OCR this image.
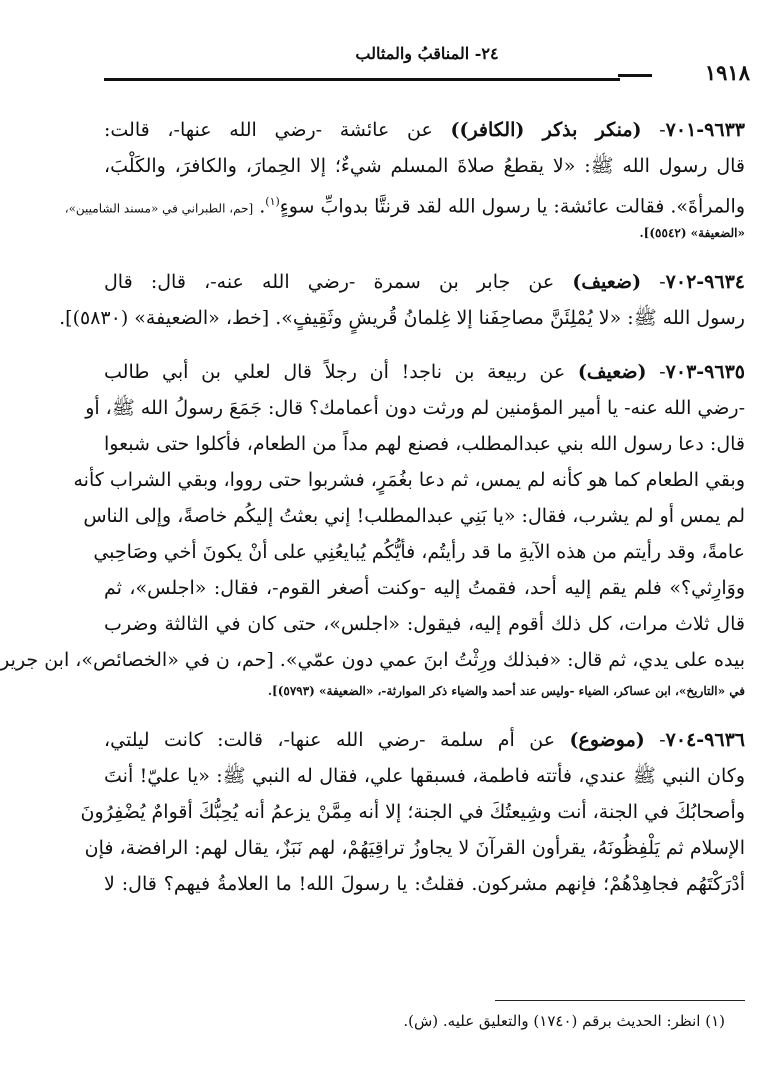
٢٤- المناقبُ والمثالب
١٩١٨
٩٦٣٣-٧٠١- (منكر بذكر (الكافر)) عن عائشة -رضي الله عنها-، قالت:
قال رسول الله ﷺ: «لا يقطعُ صلاةَ المسلم شيءٌ؛ إلا الحِمارَ، والكافرَ، والكَلْبَ،
والمرأةَ». فقالت عائشة: يا رسول الله لقد قرنتَّا بدوابِّ سوءٍ$^{(١)}$. [حم، الطبراني في «مسند الشاميين»،
«الضعيفة» (٥٥٤٢)].
٩٦٣٤-٧٠٢- (ضعيف) عن جابر بن سمرة -رضي الله عنه-، قال: قال
رسول الله ﷺ: «لا يُمْلِئَنَّ مصاحِفَنا إلا غِلمانُ قُريشٍ وثَقِيفٍ». [خط، «الضعيفة» (٥٨٣٠)].
٩٦٣٥-٧٠٣- (ضعيف) عن ربيعة بن ناجد! أن رجلاً قال لعلي بن أبي طالب
-رضي الله عنه- يا أمير المؤمنين لم ورثت دون أعمامك؟ قال: جَمَعَ رسولُ الله ﷺ، أو
قال: دعا رسول الله بني عبدالمطلب، فصنع لهم مداً من الطعام، فأكلوا حتى شبعوا
وبقي الطعام كما هو كأنه لم يمس، ثم دعا بغُمَرٍ، فشربوا حتى رووا، وبقي الشراب كأنه
لم يمس أو لم يشرب، فقال: «يا بَنِي عبدالمطلب! إني بعثتُ إليكُم خاصةً، وإلى الناس
عامةً، وقد رأيتم من هذه الآيةِ ما قد رأيتُم، فأيُّكُم يُبايعُنِي على أنْ يكونَ أخي وصَاحِبي
ووَارِثي؟» فلم يقم إليه أحد، فقمتُ إليه -وكنت أصغر القوم-، فقال: «اجلس»، ثم
قال ثلاث مرات، كل ذلك أقوم إليه، فيقول: «اجلس»، حتى كان في الثالثة وضرب
بيده على يدي، ثم قال: «فبذلك ورِثْتُ ابنَ عمي دون عمّي». [حم، ن في «الخصائص»، ابن جرير
في «التاريخ»، ابن عساكر، الضياء -وليس عند أحمد والضياء ذكر الموارثة-، «الضعيفة» (٥٧٩٣)].
٩٦٣٦-٧٠٤- (موضوع) عن أم سلمة -رضي الله عنها-، قالت: كانت ليلتي،
وكان النبي ﷺ عندي، فأتته فاطمة، فسبقها علي، فقال له النبي ﷺ: «يا عليّ! أنتَ
وأصحابُكَ في الجنة، أنت وشِيعتُكَ في الجنة؛ إلا أنه مِمَّنْ يزعمُ أنه يُحِبُّكَ أقوامٌ يُضْفِرُونَ
الإسلام ثم يَلْفِظُونَهُ، يقرأون القرآنَ لا يجاوزُ تراقِيَهُمْ، لهم نَبَزٌ، يقال لهم: الرافضة، فإن
أدْرَكْتَهُم فجاهِدْهُمْ؛ فإنهم مشركون. فقلتُ: يا رسولَ الله! ما العلامةُ فيهم؟ قال: لا
(١) انظر: الحديث برقم (١٧٤٠) والتعليق عليه. (ش).
